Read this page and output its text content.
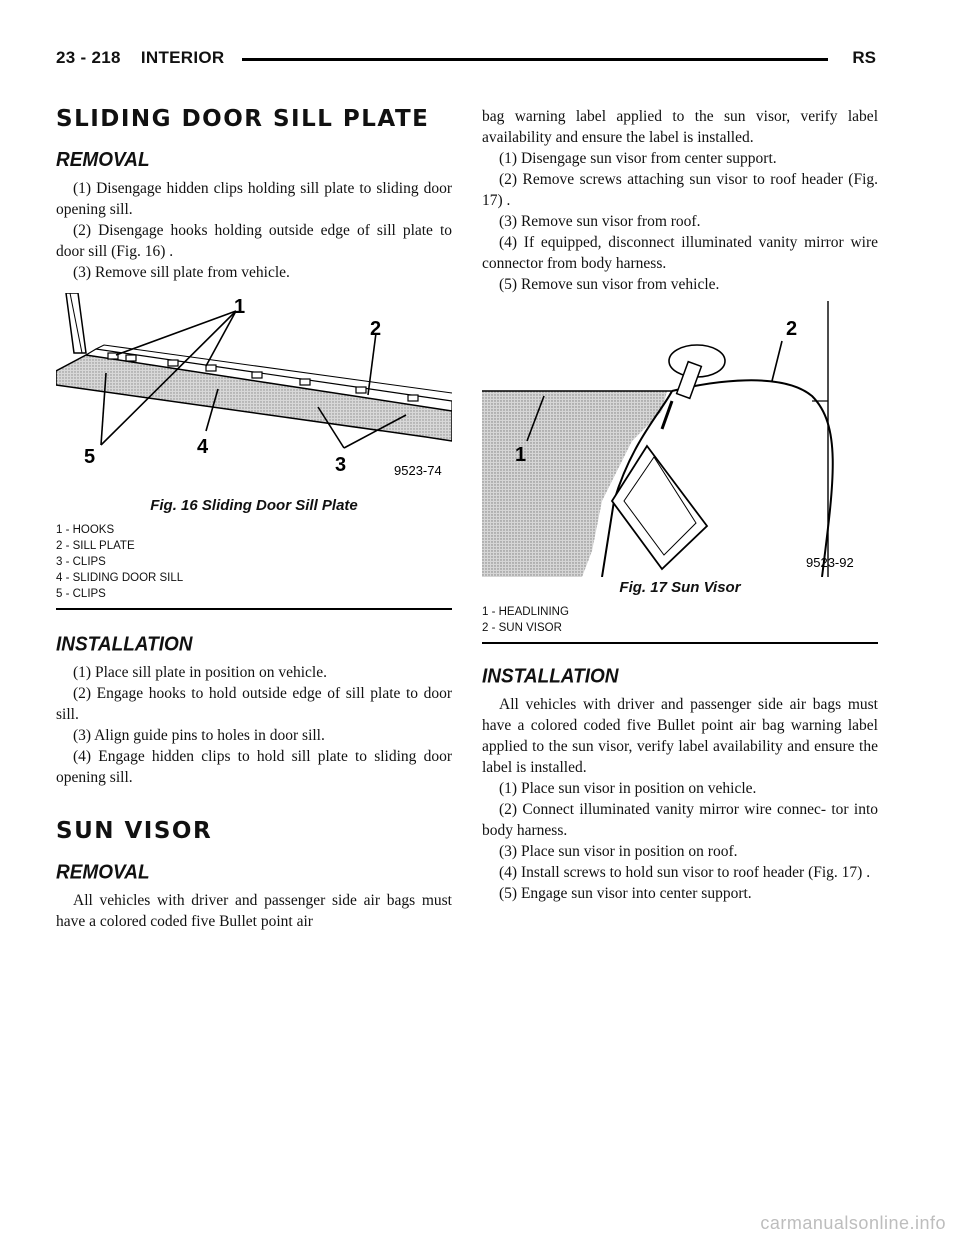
23 - 218 INTERIOR	RS
SLIDING DOOR SILL PLATE
REMOVAL

(1) Disengage hidden clips holding sill plate to sliding door opening sill.

(2) Disengage hooks holding outside edge of sill plate to door sill (Fig. 16) .

(3) Remove sill plate from vehicle.

1
2
3
4
5
9523-74

Fig. 16 Sliding Door Sill Plate

1 - HOOKS

2 - SILL PLATE

3 - CLIPS

4 - SLIDING DOOR SILL

5 - CLIPS

INSTALLATION

(1) Place sill plate in position on vehicle.

(2) Engage hooks to hold outside edge of sill plate to door sill.

(3) Align guide pins to holes in door sill.

(4) Engage hidden clips to hold sill plate to sliding door opening sill.

SUN VISOR
REMOVAL

All vehicles with driver and passenger side air bags must have a colored coded five Bullet point air

bag warning label applied to the sun visor, verify label availability and ensure the label is installed.

(1) Disengage sun visor from center support.

(2) Remove screws attaching sun visor to roof header (Fig. 17) .

(3) Remove sun visor from roof.

(4) If equipped, disconnect illuminated vanity mirror wire connector from body harness.

(5) Remove sun visor from vehicle.

1
2
9523-92

Fig. 17 Sun Visor

1 - HEADLINING

2 - SUN VISOR

INSTALLATION

All vehicles with driver and passenger side air bags must have a colored coded five Bullet point air bag warning label applied to the sun visor, verify label availability and ensure the label is installed.

(1) Place sun visor in position on vehicle.

(2) Connect illuminated vanity mirror wire connec- tor into body harness.

(3) Place sun visor in position on roof.

(4) Install screws to hold sun visor to roof header (Fig. 17) .

(5) Engage sun visor into center support.

carmanualsonline.info
